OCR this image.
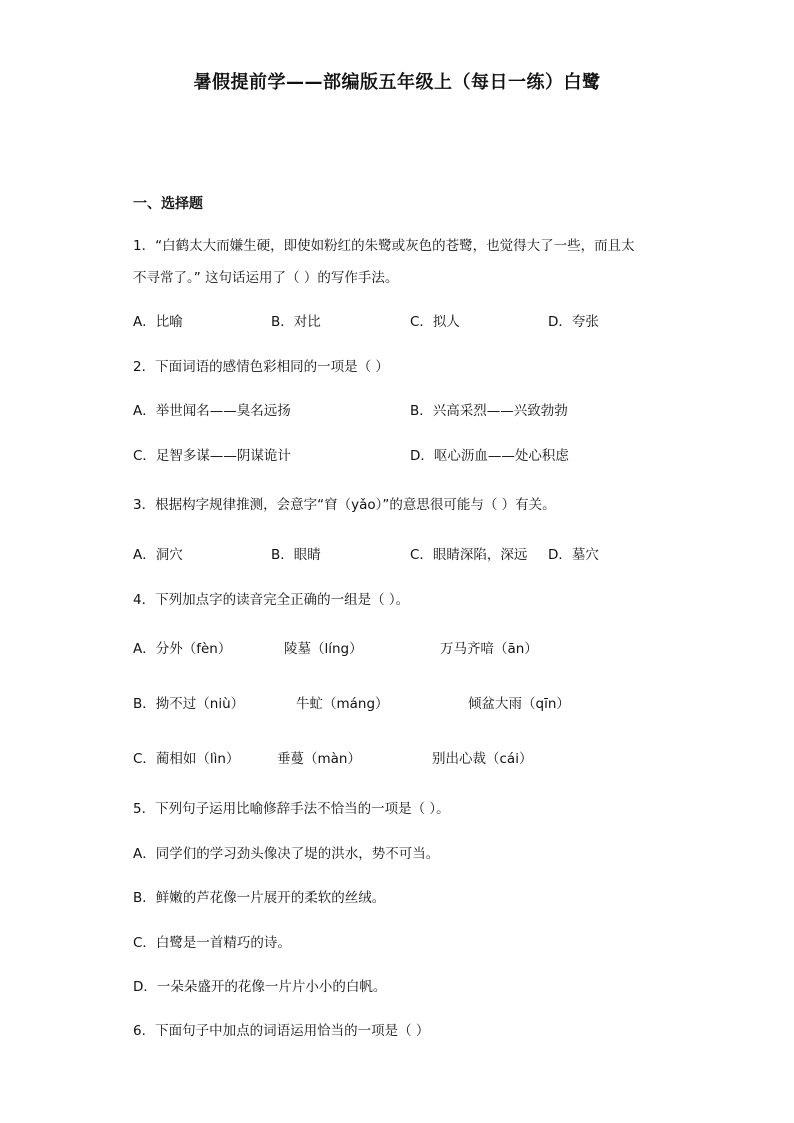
暑假提前学——部编版五年级上（每日一练）白鹭
一、选择题
1．“白鹤太大而嫌生硬，即使如粉红的朱鹭或灰色的苍鹭，也觉得大了一些，而且太
不寻常了。” 这句话运用了（ ）的写作手法。
A．比喻	B．对比	C．拟人	D．夸张
2．下面词语的感情色彩相同的一项是（ ）
A．举世闻名——臭名远扬	B．兴高采烈——兴致勃勃
C．足智多谋——阴谋诡计	D．呕心沥血——处心积虑
3．根据构字规律推测，会意字“窅（yǎo）”的意思很可能与（ ）有关。
A．洞穴	B．眼睛	C．眼睛深陷，深远 D．墓穴
4．下列加点字的读音完全正确的一组是（ ）。
A．分外（fèn）	陵墓（líng）	万马齐喑（ān）
B．拗不过（niù）	牛虻（máng）	倾盆大雨（qīn）
C．蔺相如（lìn）	垂蔓（màn）	别出心裁（cái）
5．下列句子运用比喻修辞手法不恰当的一项是（ ）。
A．同学们的学习劲头像决了堤的洪水，势不可当。
B．鲜嫩的芦花像一片展开的柔软的丝绒。
C．白鹭是一首精巧的诗。
D．一朵朵盛开的花像一片片小小的白帆。
6．下面句子中加点的词语运用恰当的一项是（ ）
